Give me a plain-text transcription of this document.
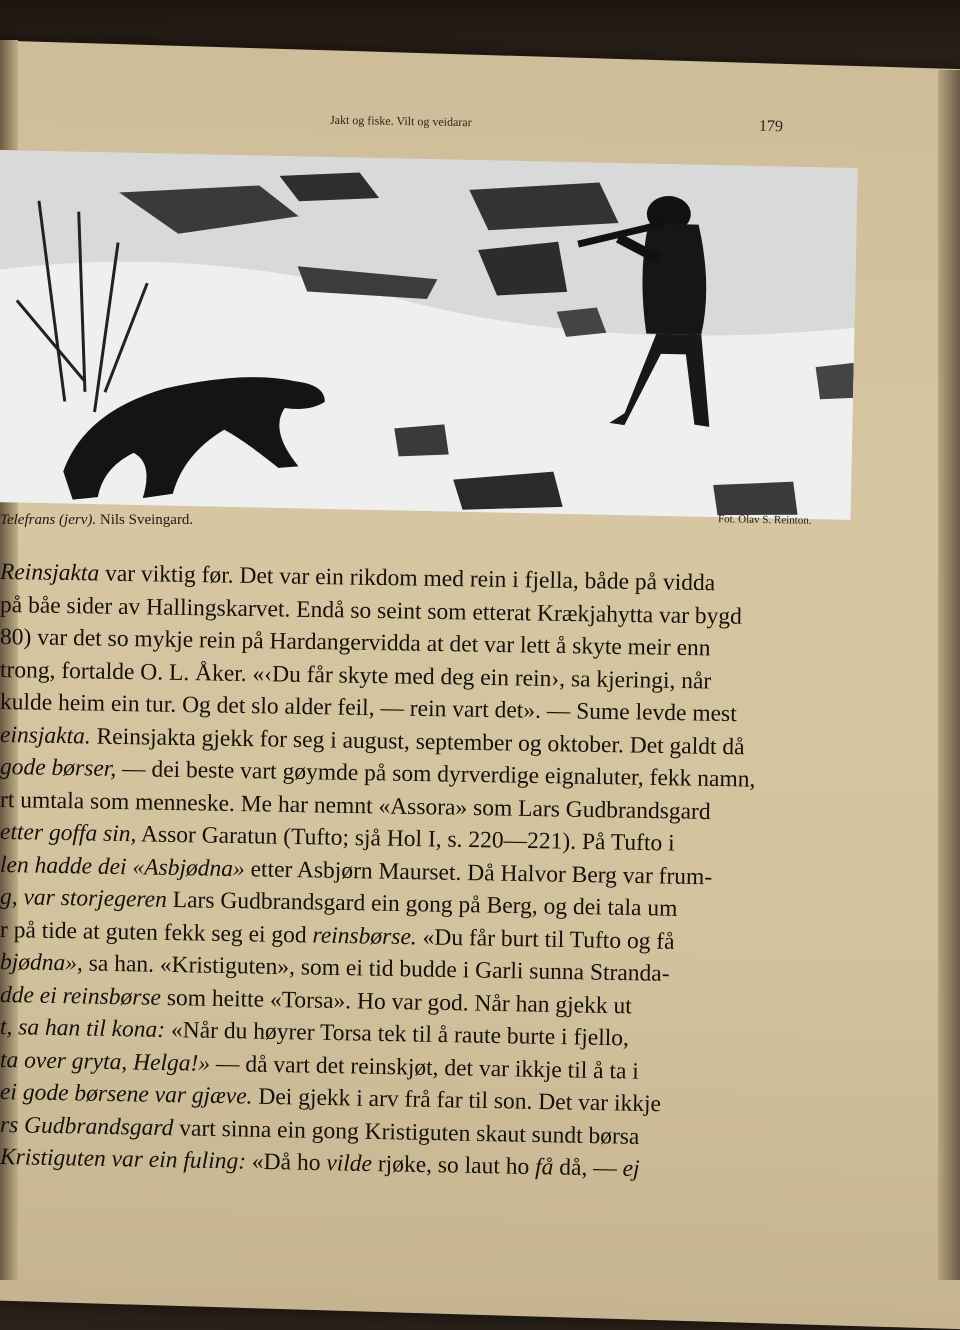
Jakt og fiske. Vilt og veidarar	179
Telefrans (jerv). Nils Sveingard.	Fot. Olav S. Reinton.
Reinsjakta var viktig før. Det var ein rikdom med rein i fjella, både på vidda
på båe sider av Hallingskarvet. Endå so seint som etterat Krækjahytta var bygd
80) var det so mykje rein på Hardangervidda at det var lett å skyte meir enn
trong, fortalde O. L. Åker. «‹Du får skyte med deg ein rein›, sa kjeringi, når
kulde heim ein tur. Og det slo alder feil, — rein vart det». — Sume levde mest
einsjakta. Reinsjakta gjekk for seg i august, september og oktober. Det galdt då
gode børser, — dei beste vart gøymde på som dyrverdige eignaluter, fekk namn,
rt umtala som menneske. Me har nemnt «Assora» som Lars Gudbrandsgard
etter goffa sin, Assor Garatun (Tufto; sjå Hol I, s. 220—221). På Tufto i
len hadde dei «Asbjødna» etter Asbjørn Maurset. Då Halvor Berg var frum-
g, var storjegeren Lars Gudbrandsgard ein gong på Berg, og dei tala um
r på tide at guten fekk seg ei god reinsbørse. «Du får burt til Tufto og få
bjødna», sa han. «Kristiguten», som ei tid budde i Garli sunna Stranda-
dde ei reinsbørse som heitte «Torsa». Ho var god. Når han gjekk ut
t, sa han til kona: «Når du høyrer Torsa tek til å raute burte i fjello,
ta over gryta, Helga!» — då vart det reinskjøt, det var ikkje til å ta i
ei gode børsene var gjæve. Dei gjekk i arv frå far til son. Det var ikkje
rs Gudbrandsgard vart sinna ein gong Kristiguten skaut sundt børsa
Kristiguten var ein fuling: «Då ho vilde rjøke, so laut ho få då, — ej
